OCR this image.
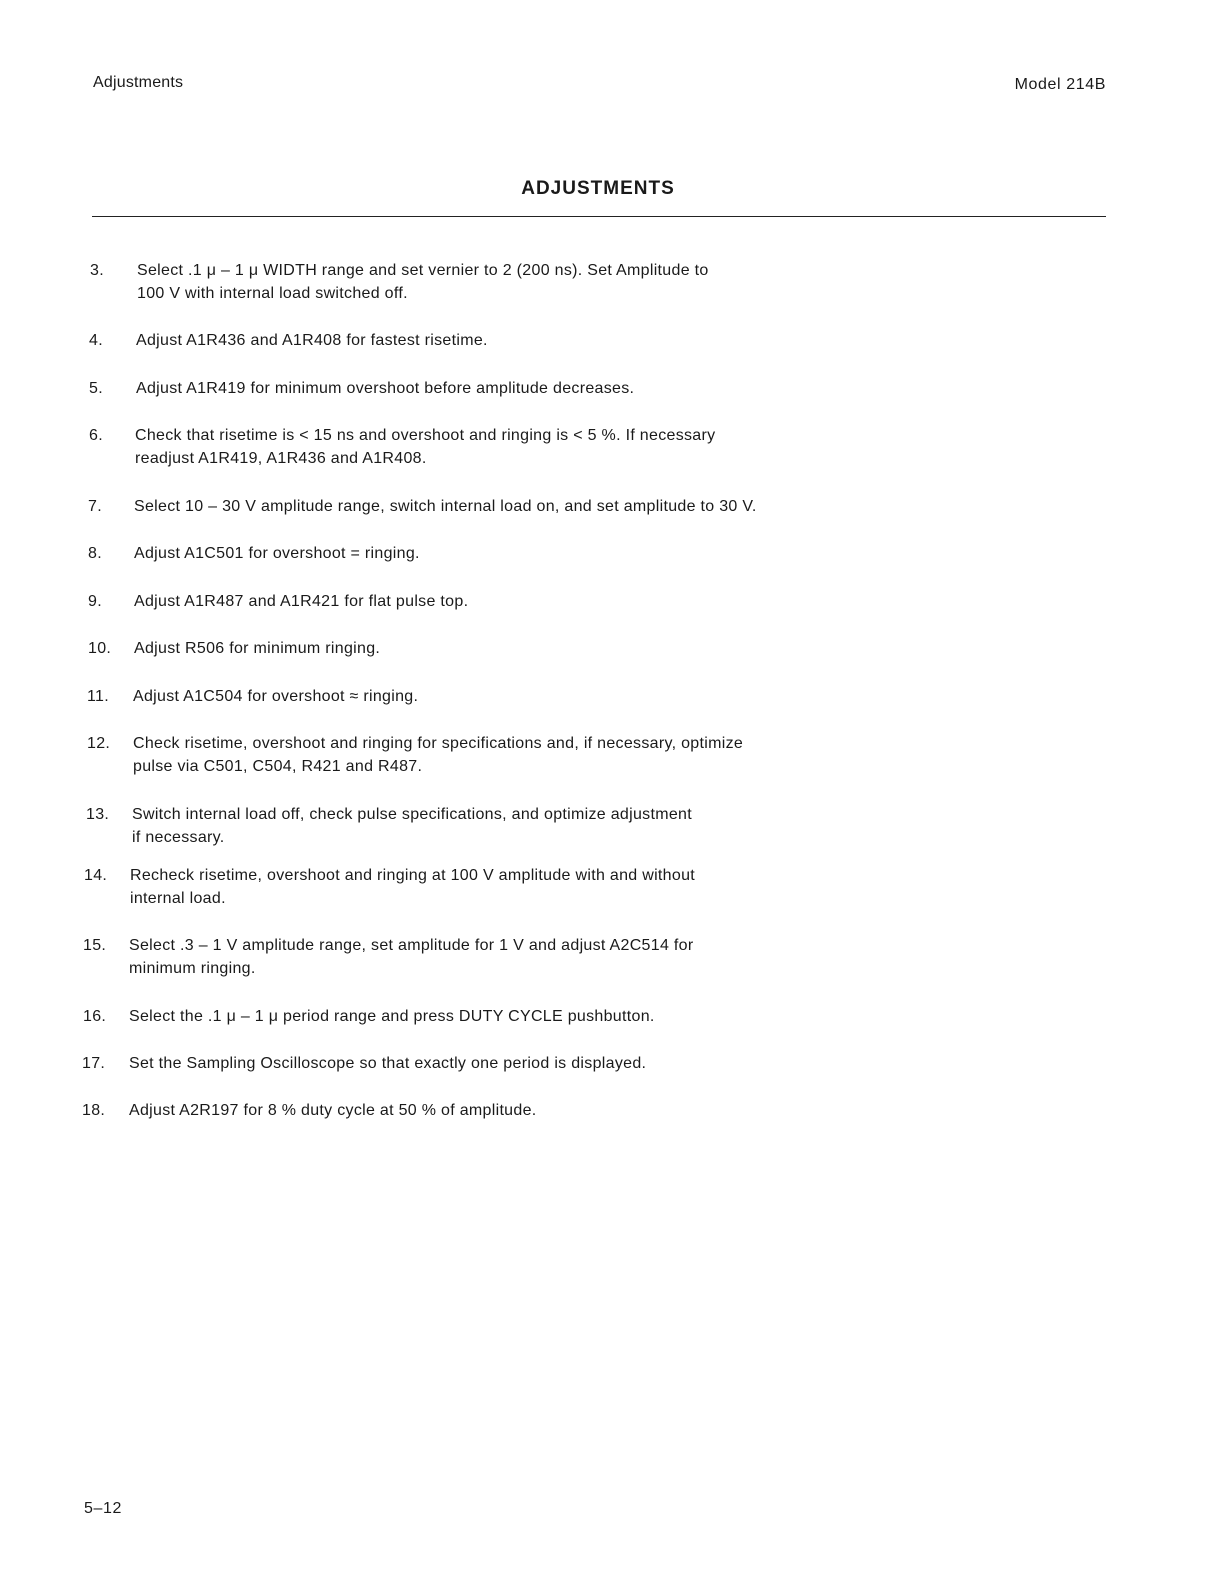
Adjustments	Model 214B
ADJUSTMENTS
3. Select .1 μ – 1 μ WIDTH range and set vernier to 2 (200 ns). Set Amplitude to
100 V with internal load switched off.
4. Adjust A1R436 and A1R408 for fastest risetime.
5. Adjust A1R419 for minimum overshoot before amplitude decreases.
6. Check that risetime is < 15 ns and overshoot and ringing is < 5 %. If necessary
readjust A1R419, A1R436 and A1R408.
7. Select 10 – 30 V amplitude range, switch internal load on, and set amplitude to 30 V.
8. Adjust A1C501 for overshoot = ringing.
9. Adjust A1R487 and A1R421 for flat pulse top.
10. Adjust R506 for minimum ringing.
11. Adjust A1C504 for overshoot ≈ ringing.
12. Check risetime, overshoot and ringing for specifications and, if necessary, optimize
pulse via C501, C504, R421 and R487.
13. Switch internal load off, check pulse specifications, and optimize adjustment
if necessary.
14. Recheck risetime, overshoot and ringing at 100 V amplitude with and without
internal load.
15. Select .3 – 1 V amplitude range, set amplitude for 1 V and adjust A2C514 for
minimum ringing.
16. Select the .1 μ – 1 μ period range and press DUTY CYCLE pushbutton.
17. Set the Sampling Oscilloscope so that exactly one period is displayed.
18. Adjust A2R197 for 8 % duty cycle at 50 % of amplitude.
5–12
